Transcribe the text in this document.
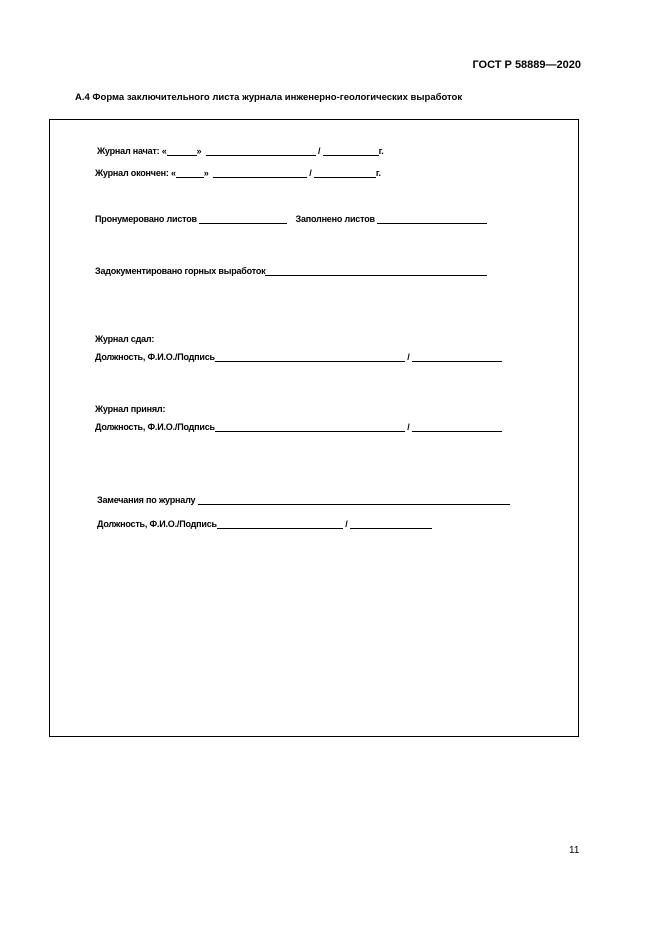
ГОСТ Р 58889—2020
А.4 Форма заключительного листа журнала инженерно-геологических выработок
Журнал начат: «	»	/	г.
Журнал окончен: «	»	/	г.
Пронумеровано листов	Заполнено листов
Задокументировано горных выработок
Журнал сдал:
Должность, Ф.И.О./Подпись	/
Журнал принял:
Должность, Ф.И.О./Подпись	/
Замечания по журналу
Должность, Ф.И.О./Подпись	/
11
